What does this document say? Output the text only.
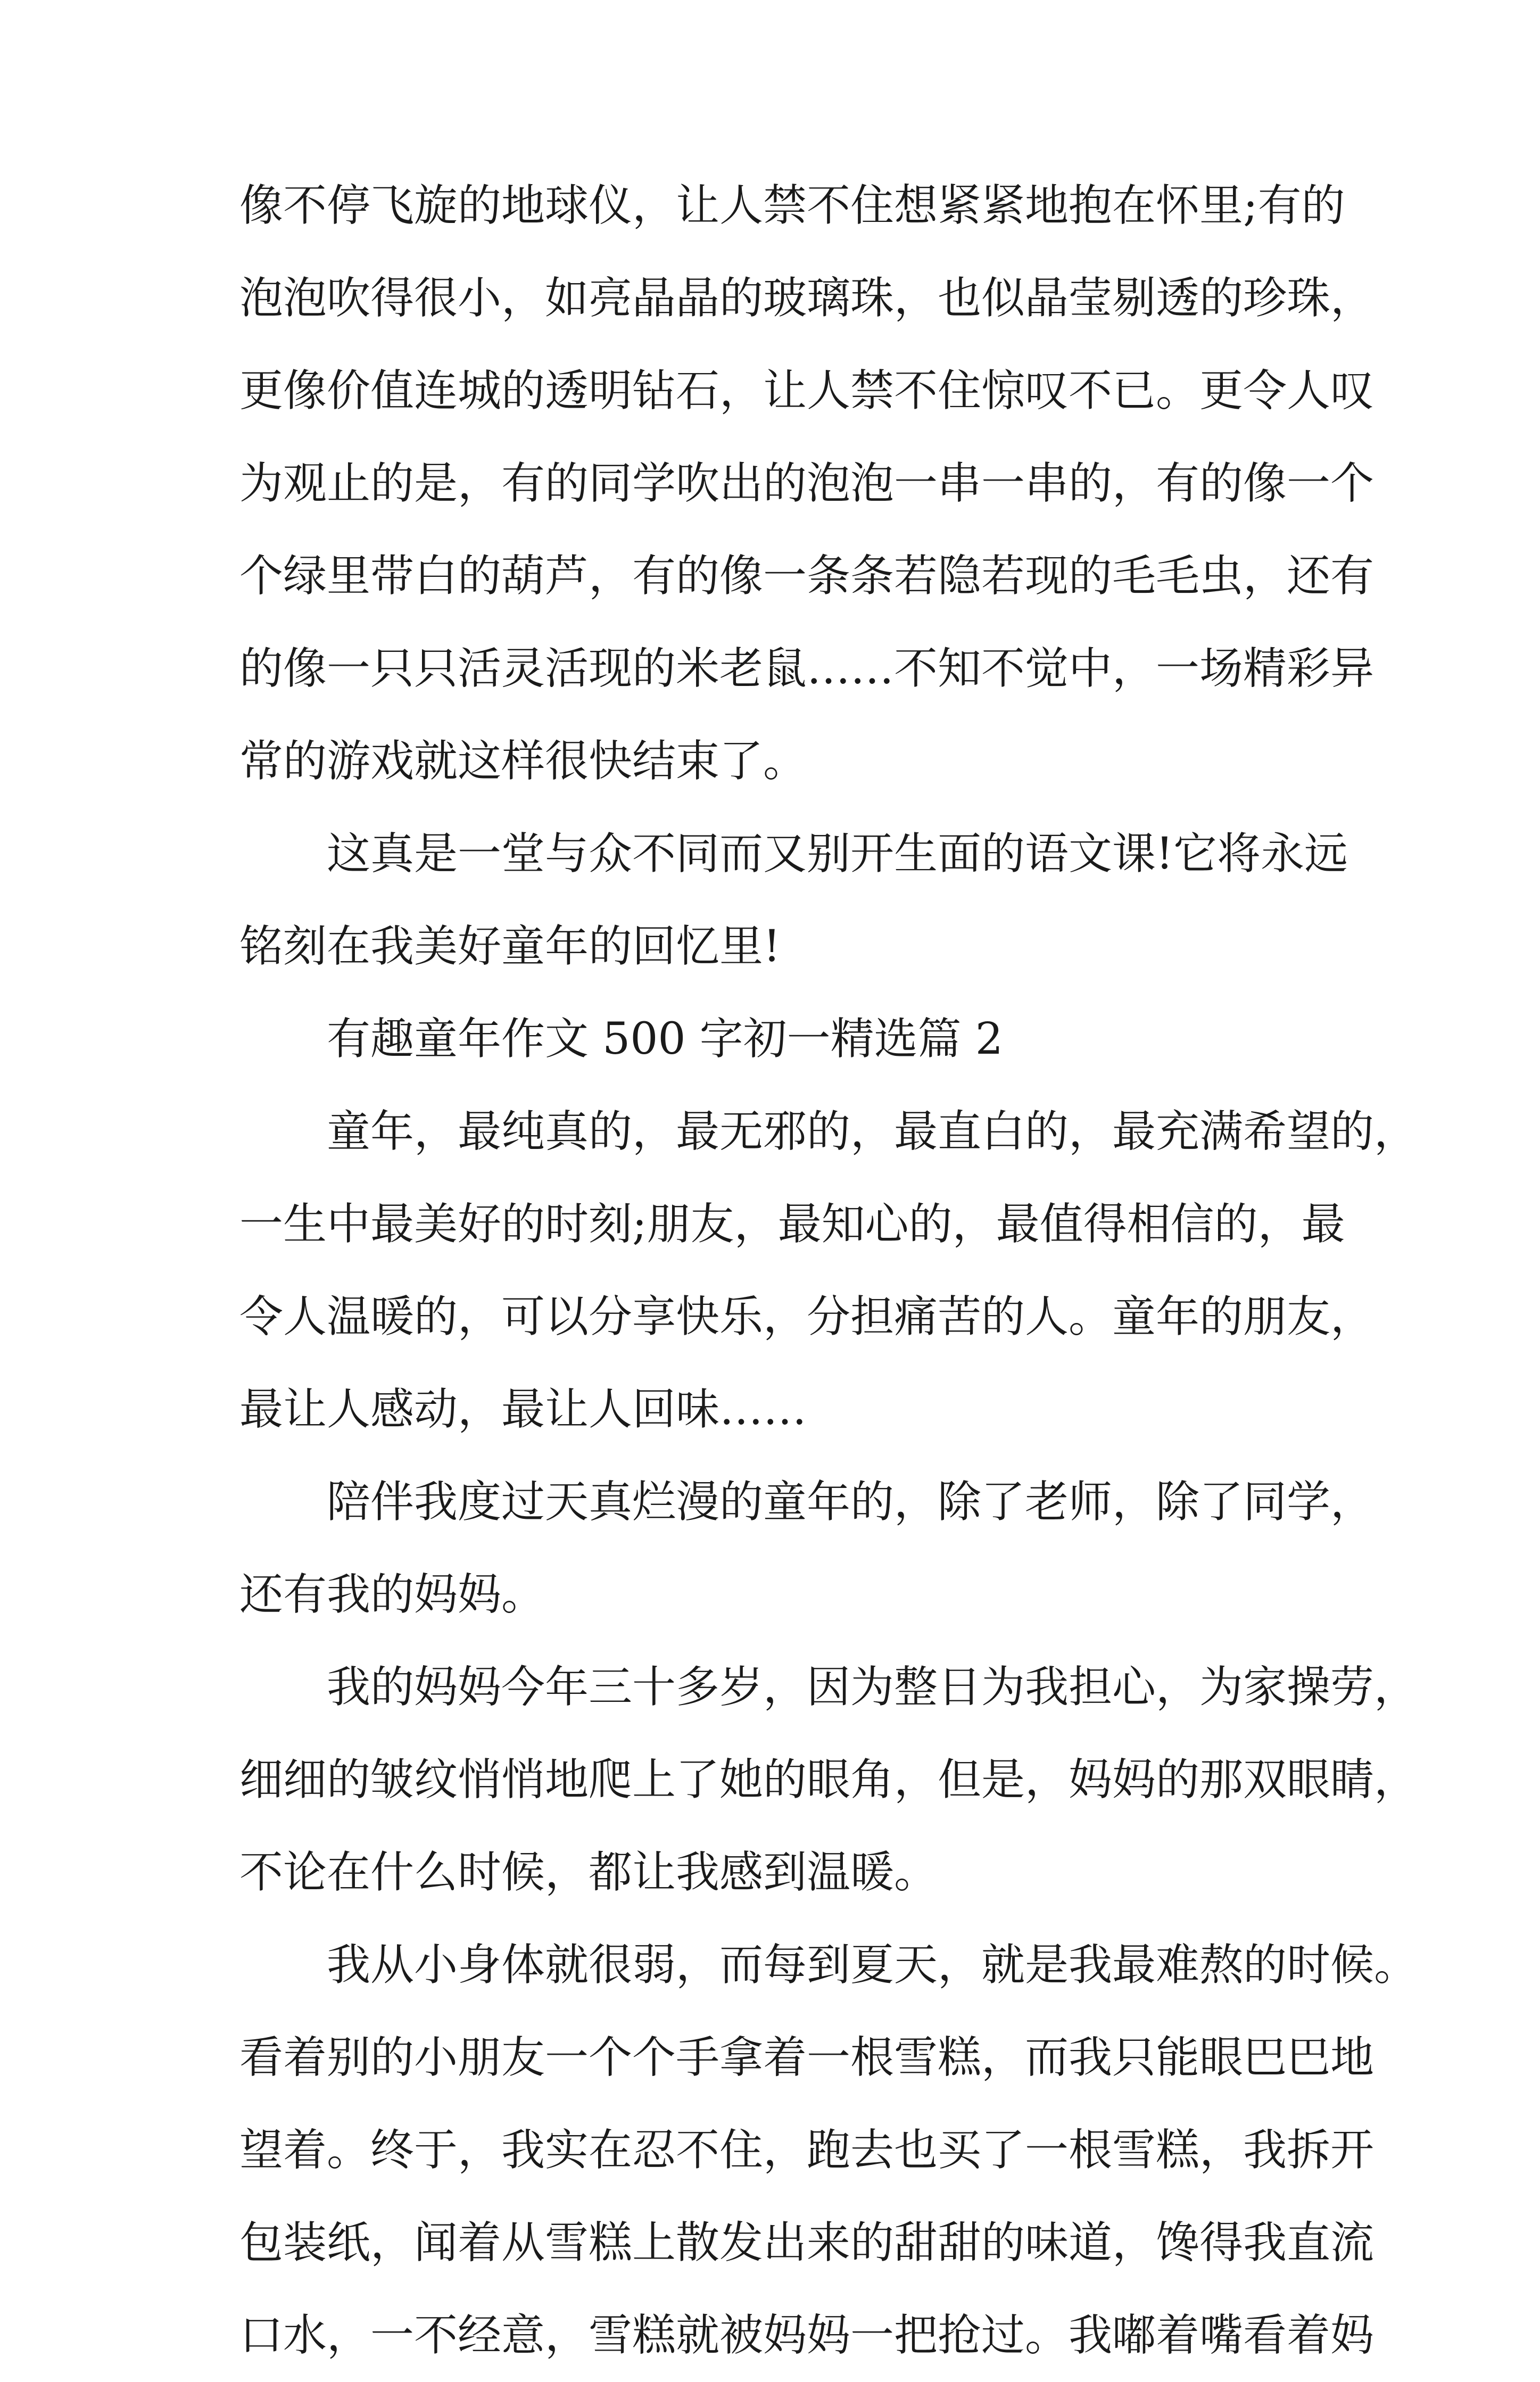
像不停飞旋的地球仪，让人禁不住想紧紧地抱在怀里;有的
泡泡吹得很小，如亮晶晶的玻璃珠，也似晶莹剔透的珍珠，
更像价值连城的透明钻石，让人禁不住惊叹不已。更令人叹
为观止的是，有的同学吹出的泡泡一串一串的，有的像一个
个绿里带白的葫芦，有的像一条条若隐若现的毛毛虫，还有
的像一只只活灵活现的米老鼠……不知不觉中，一场精彩异
常的游戏就这样很快结束了。
这真是一堂与众不同而又别开生面的语文课!它将永远
铭刻在我美好童年的回忆里!
有趣童年作文 500 字初一精选篇 2
童年，最纯真的，最无邪的，最直白的，最充满希望的，
一生中最美好的时刻;朋友，最知心的，最值得相信的，最
令人温暖的，可以分享快乐，分担痛苦的人。童年的朋友，
最让人感动，最让人回味……
陪伴我度过天真烂漫的童年的，除了老师，除了同学，
还有我的妈妈。
我的妈妈今年三十多岁，因为整日为我担心，为家操劳，
细细的皱纹悄悄地爬上了她的眼角，但是，妈妈的那双眼睛，
不论在什么时候，都让我感到温暖。
我从小身体就很弱，而每到夏天，就是我最难熬的时候。
看着别的小朋友一个个手拿着一根雪糕，而我只能眼巴巴地
望着。终于，我实在忍不住，跑去也买了一根雪糕，我拆开
包装纸，闻着从雪糕上散发出来的甜甜的味道，馋得我直流
口水，一不经意，雪糕就被妈妈一把抢过。我嘟着嘴看着妈
